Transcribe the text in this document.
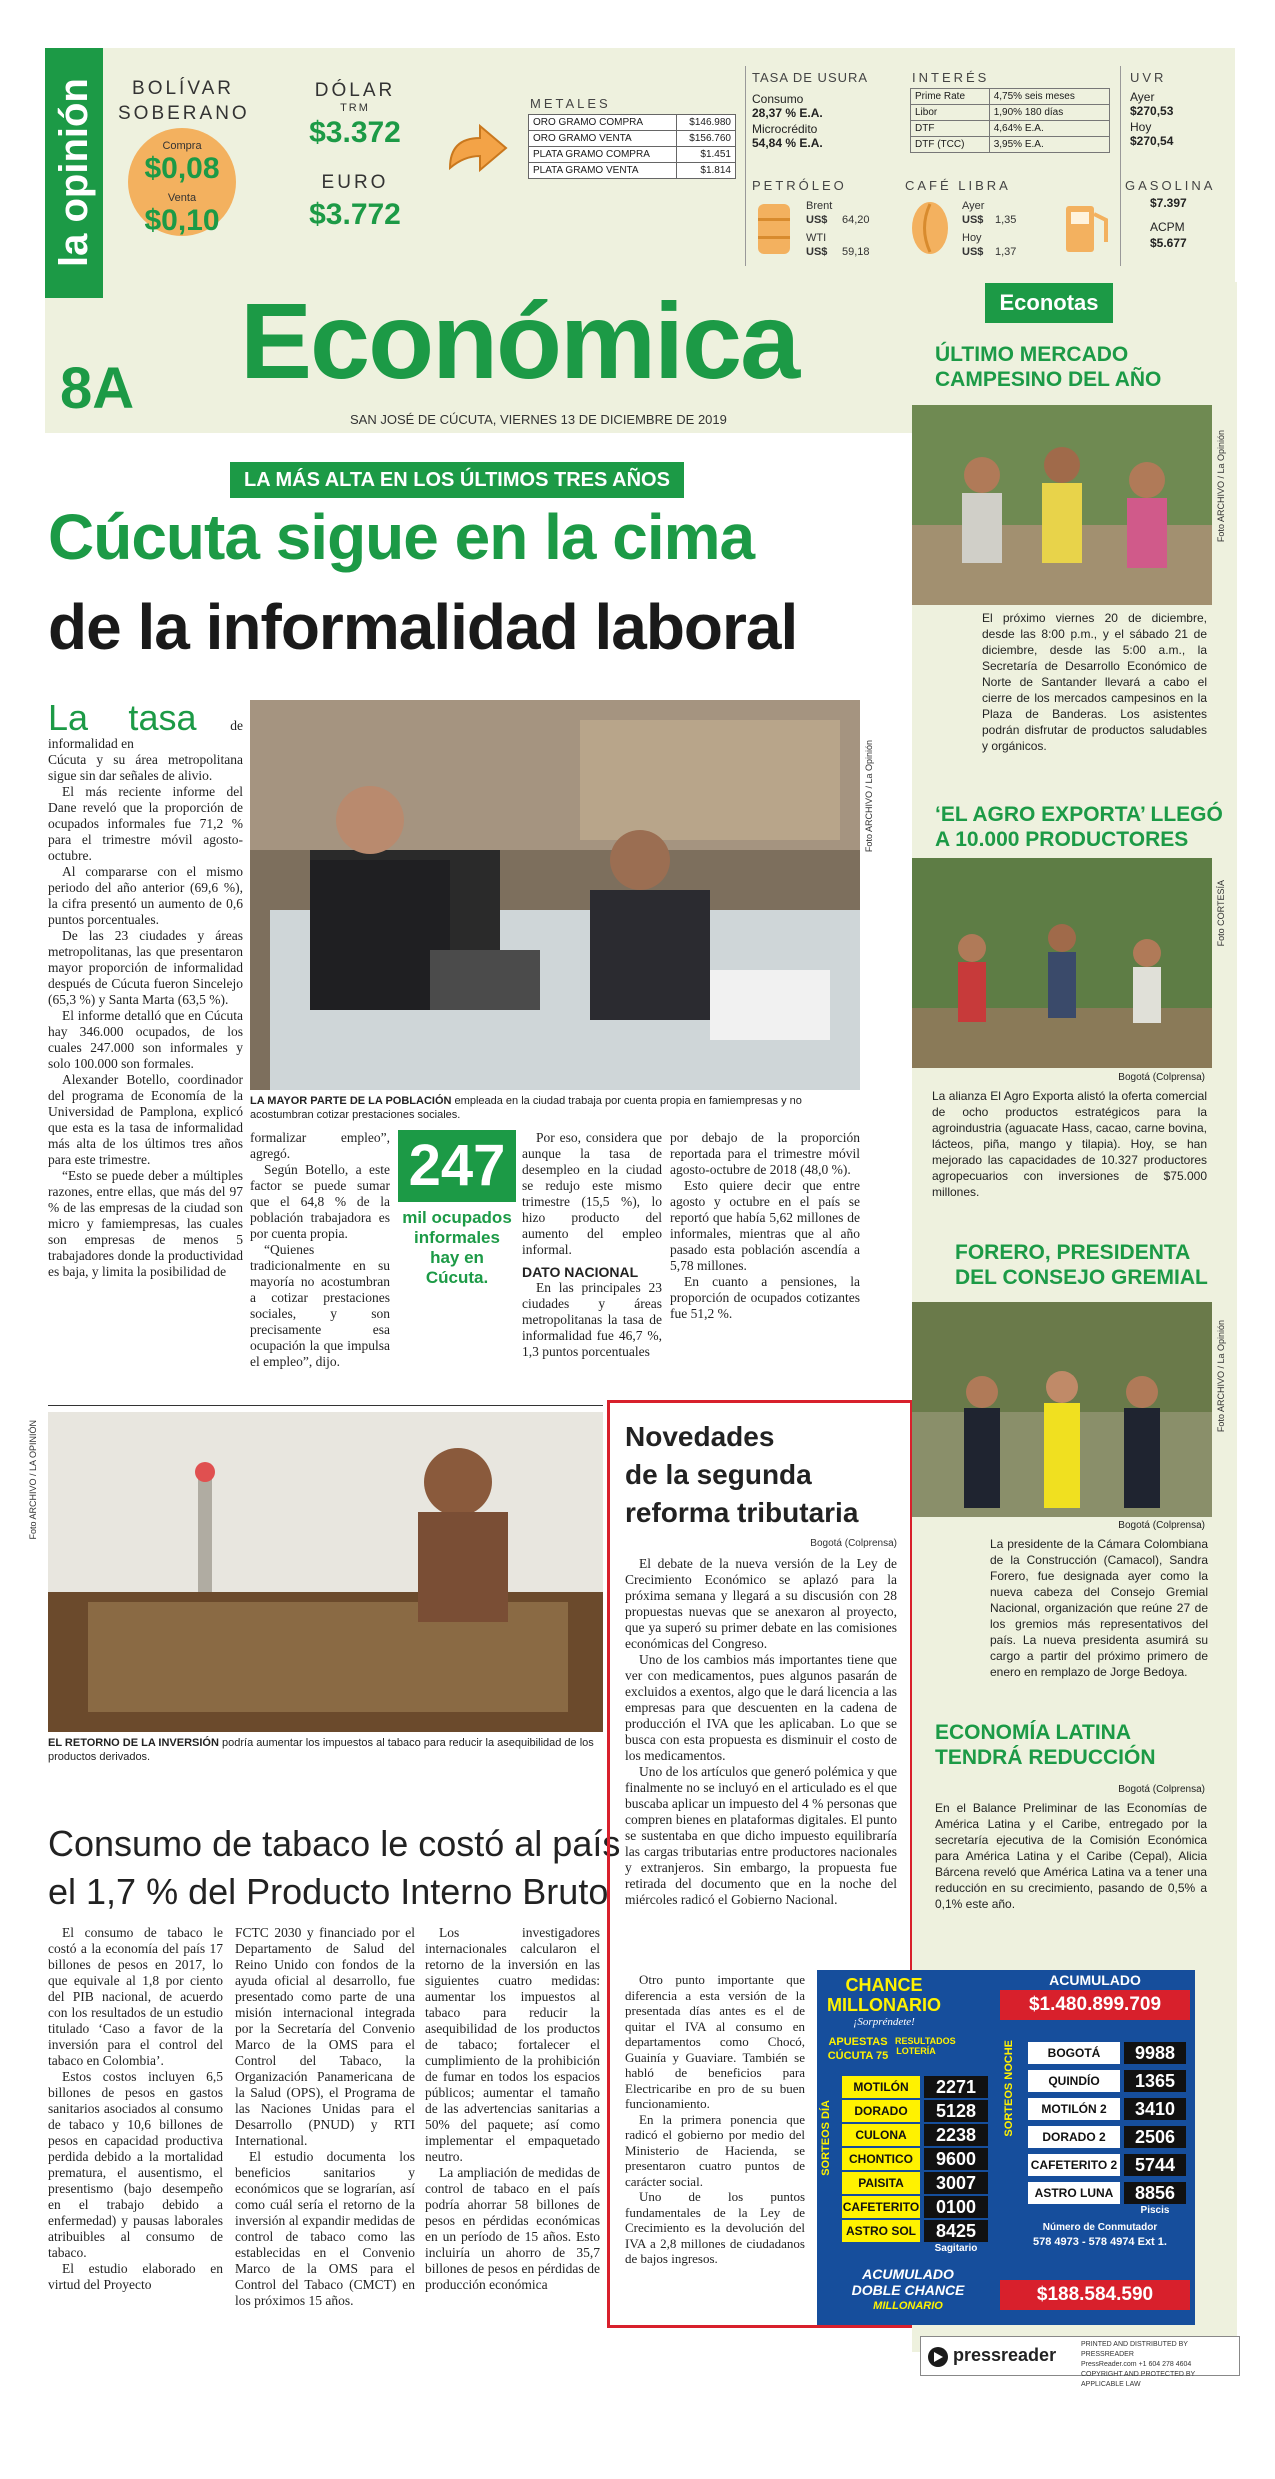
la opinión
8A
BOLÍVAR
SOBERANO
Compra
$0,08
Venta
$0,10
DÓLAR
TRM
$3.372
EURO
$3.772
METALES
ORO GRAMO COMPRA	$146.980
ORO GRAMO VENTA	$156.760
PLATA GRAMO COMPRA	$1.451
PLATA GRAMO VENTA	$1.814
TASA DE USURA
Consumo
28,37 % E.A.
Microcrédito
54,84 % E.A.
INTERÉS
Prime Rate	4,75% seis meses
Libor	1,90% 180 días
DTF	4,64% E.A.
DTF (TCC)	3,95% E.A.
UVR
Ayer
$270,53
Hoy
$270,54
PETRÓLEO
Brent
US$ 64,20
WTI
US$ 59,18
CAFÉ LIBRA
Ayer
US$ 1,35
Hoy
US$ 1,37
GASOLINA
$7.397
ACPM
$5.677
Económica
SAN JOSÉ DE CÚCUTA, VIERNES 13 DE DICIEMBRE DE 2019
LA MÁS ALTA EN LOS ÚLTIMOS TRES AÑOS
Cúcuta sigue en la cima
de la informalidad laboral
La tasa	de informalidad en

Cúcuta y su área metropolitana sigue sin dar señales de alivio.

El más reciente informe del Dane reveló que la proporción de ocupados informales fue 71,2 % para el trimestre móvil agosto-octubre.

Al compararse con el mismo periodo del año anterior (69,6 %), la cifra presentó un aumento de 0,6 puntos porcentuales.

De las 23 ciudades y áreas metropolitanas, las que presentaron mayor proporción de informalidad después de Cúcuta fueron Sincelejo (65,3 %) y Santa Marta (63,5 %).

El informe detalló que en Cúcuta hay 346.000 ocupados, de los cuales 247.000 son informales y solo 100.000 son formales.

Alexander Botello, coordinador del programa de Economía de la Universidad de Pamplona, explicó que esta es la tasa de informalidad más alta de los últimos tres años para este trimestre.

“Esto se puede deber a múltiples razones, entre ellas, que más del 97 % de las empresas de la ciudad son micro y famiempresas, las cuales son empresas de menos 5 trabajadores donde la productividad es baja, y limita la posibilidad de

Foto ARCHIVO / La Opinión
LA MAYOR PARTE DE LA POBLACIÓN empleada en la ciudad trabaja por cuenta propia en famiempresas y no acostumbran cotizar prestaciones sociales.

formalizar empleo”, agregó.

Según Botello, a este factor se puede sumar que el 64,8 % de la población trabajadora es por cuenta propia.

“Quienes tradicionalmente en su mayoría no acostumbran a cotizar prestaciones sociales, y son precisamente esa ocupación la que impulsa el empleo”, dijo.

247
mil ocupados informales hay en Cúcuta.

Por eso, considera que aunque la tasa de desempleo en la ciudad se redujo este mismo trimestre (15,5 %), lo hizo producto del aumento del empleo informal.

DATO NACIONAL

En las principales 23 ciudades y áreas metropolitanas la tasa de informalidad fue 46,7 %, 1,3 puntos porcentuales

por debajo de la proporción reportada para el trimestre móvil agosto-octubre de 2018 (48,0 %).

Esto quiere decir que entre agosto y octubre en el país se reportó que había 5,62 millones de informales, mientras que al año pasado esta población ascendía a 5,78 millones.

En cuanto a pensiones, la proporción de ocupados cotizantes fue 51,2 %.

Foto ARCHIVO / LA OPINIÓN
EL RETORNO DE LA INVERSIÓN podría aumentar los impuestos al tabaco para reducir la asequibilidad de los productos derivados.
Consumo de tabaco le costó al país
el 1,7 % del Producto Interno Bruto

El consumo de tabaco le costó a la economía del país 17 billones de pesos en 2017, lo que equivale al 1,8 por ciento del PIB nacional, de acuerdo con los resultados de un estudio titulado ‘Caso a favor de la inversión para el control del tabaco en Colombia’.

Estos costos incluyen 6,5 billones de pesos en gastos sanitarios asociados al consumo de tabaco y 10,6 billones de pesos en capacidad productiva perdida debido a la mortalidad prematura, el ausentismo, el presentismo (bajo desempeño en el trabajo debido a enfermedad) y pausas laborales atribuibles al consumo de tabaco.

El estudio elaborado en virtud del Proyecto

FCTC 2030 y financiado por el Departamento de Salud del Reino Unido con fondos de la ayuda oficial al desarrollo, fue presentado como parte de una misión internacional integrada por la Secretaría del Convenio Marco de la OMS para el Control del Tabaco, la Organización Panamericana de la Salud (OPS), el Programa de las Naciones Unidas para el Desarrollo (PNUD) y RTI International.

El estudio documenta los beneficios sanitarios y económicos que se lograrían, así como cuál sería el retorno de la inversión al expandir medidas de control de tabaco como las establecidas en el Convenio Marco de la OMS para el Control del Tabaco (CMCT) en los próximos 15 años.

Los investigadores internacionales calcularon el retorno de la inversión en las siguientes cuatro medidas: aumentar los impuestos al tabaco para reducir la asequibilidad de los productos de tabaco; fortalecer el cumplimiento de la prohibición de fumar en todos los espacios públicos; aumentar el tamaño de las advertencias sanitarias a 50% del paquete; así como implementar el empaquetado neutro.

La ampliación de medidas de control de tabaco en el país podría ahorrar 58 billones de pesos en pérdidas económicas en un período de 15 años. Esto incluiría un ahorro de 35,7 billones de pesos en pérdidas de producción económica

Novedades
de la segunda
reforma tributaria
Bogotá (Colprensa)

El debate de la nueva versión de la Ley de Crecimiento Económico se aplazó para la próxima semana y llegará a su discusión con 28 propuestas nuevas que se anexaron al proyecto, que ya superó su primer debate en las comisiones económicas del Congreso.

Uno de los cambios más importantes tiene que ver con medicamentos, pues algunos pasarán de excluidos a exentos, algo que le dará licencia a las empresas para que descuenten en la cadena de producción el IVA que les aplicaban. Lo que se busca con esta propuesta es disminuir el costo de los medicamentos.

Uno de los artículos que generó polémica y que finalmente no se incluyó en el articulado es el que buscaba aplicar un impuesto del 4 % personas que compren bienes en plataformas digitales. El punto se sustentaba en que dicho impuesto equilibraría las cargas tributarias entre productores nacionales y extranjeros. Sin embargo, la propuesta fue retirada del documento que en la noche del miércoles radicó el Gobierno Nacional.

Otro punto importante que diferencia a esta versión de la presentada días antes es el de quitar el IVA al consumo en departamentos como Chocó, Guainía y Guaviare. También se habló de beneficios para Electricaribe en pro de su buen funcionamiento.

En la primera ponencia que radicó el gobierno por medio del Ministerio de Hacienda, se presentaron cuatro puntos de carácter social.

Uno de los puntos fundamentales de la Ley de Crecimiento es la devolución del IVA a 2,8 millones de ciudadanos de bajos ingresos.

Econotas
ÚLTIMO MERCADO CAMPESINO DEL AÑO
Foto ARCHIVO / La Opinión
El próximo viernes 20 de diciembre, desde las 8:00 p.m., y el sábado 21 de diciembre, desde las 5:00 a.m., la Secretaría de Desarrollo Económico de Norte de Santander llevará a cabo el cierre de los mercados campesinos en la Plaza de Banderas. Los asistentes podrán disfrutar de productos saludables y orgánicos.
‘EL AGRO EXPORTA’ LLEGÓ A 10.000 PRODUCTORES
Foto CORTESÍA
Bogotá (Colprensa)
La alianza El Agro Exporta alistó la oferta comercial de ocho productos estratégicos para la agroindustria (aguacate Hass, cacao, carne bovina, lácteos, piña, mango y tilapia). Hoy, se han mejorado las capacidades de 10.327 productores agropecuarios con inversiones de $75.000 millones.
FORERO, PRESIDENTA DEL CONSEJO GREMIAL
Foto ARCHIVO / La Opinión
Bogotá (Colprensa)
La presidente de la Cámara Colombiana de la Construcción (Camacol), Sandra Forero, fue designada ayer como la nueva cabeza del Consejo Gremial Nacional, organización que reúne 27 de los gremios más representativos del país. La nueva presidenta asumirá su cargo a partir del próximo primero de enero en remplazo de Jorge Bedoya.
ECONOMÍA LATINA TENDRÁ REDUCCIÓN
Bogotá (Colprensa)
En el Balance Preliminar de las Economías de América Latina y el Caribe, entregado por la secretaría ejecutiva de la Comisión Económica para América Latina y el Caribe (Cepal), Alicia Bárcena reveló que América Latina va a tener una reducción en su crecimiento, pasando de 0,5% a 0,1% este año.
CHANCE
MILLONARIO
¡Sorpréndete!
ACUMULADO
$1.480.899.709
APUESTAS
CÚCUTA 75
RESULTADOS LOTERÍA
SORTEOS DÍA
SORTEOS NOCHE
MOTILÓN	2271
DORADO	5128
CULONA	2238
CHONTICO	9600
PAISITA	3007
CAFETERITO 0100
ASTRO SOL	8425
Sagitario
BOGOTÁ	9988
QUINDÍO	1365
MOTILÓN 2	3410
DORADO 2	2506
CAFETERITO 2 5744
ASTRO LUNA	8856
Piscis
Número de Conmutador
578 4973 - 578 4974 Ext 1.
ACUMULADO
DOBLE CHANCE
MILLONARIO
$188.584.590
pressreader
PRINTED AND DISTRIBUTED BY PRESSREADER
PressReader.com +1 604 278 4604
COPYRIGHT AND PROTECTED BY APPLICABLE LAW
